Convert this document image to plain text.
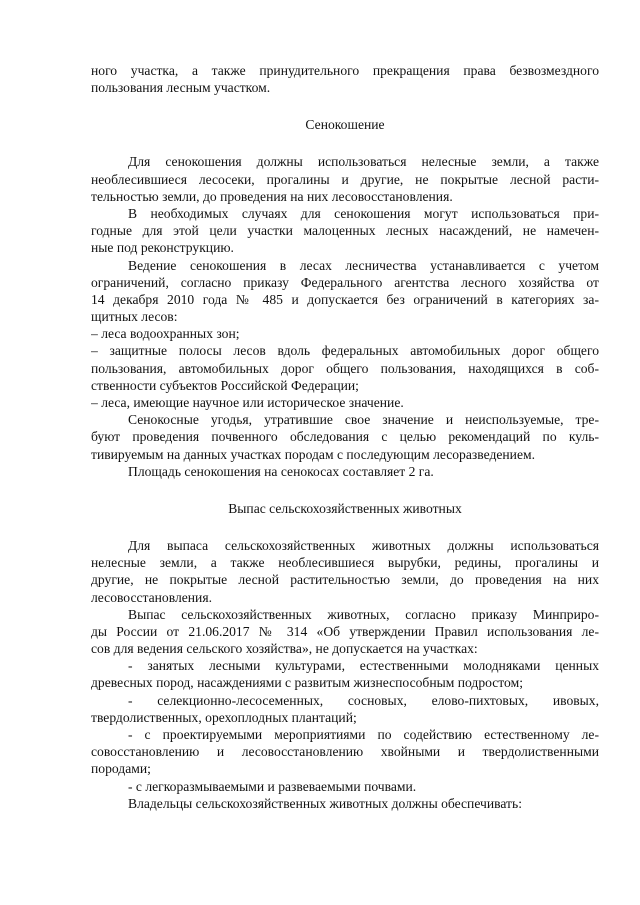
ного участка, а также принудительного прекращения права безвозмездного
пользования лесным участком.
Сенокошение
Для сенокошения должны использоваться нелесные земли, а также
необлесившиеся лесосеки, прогалины и другие, не покрытые лесной расти-
тельностью земли, до проведения на них лесовосстановления.
В необходимых случаях для сенокошения могут использоваться при-
годные для этой цели участки малоценных лесных насаждений, не намечен-
ные под реконструкцию.
Ведение сенокошения в лесах лесничества устанавливается с учетом
ограничений, согласно приказу Федерального агентства лесного хозяйства от
14 декабря 2010 года № 485 и допускается без ограничений в категориях за-
щитных лесов:
– леса водоохранных зон;
– защитные полосы лесов вдоль федеральных автомобильных дорог общего
пользования, автомобильных дорог общего пользования, находящихся в соб-
ственности субъектов Российской Федерации;
– леса, имеющие научное или историческое значение.
Сенокосные угодья, утратившие свое значение и неиспользуемые, тре-
буют проведения почвенного обследования с целью рекомендаций по куль-
тивируемым на данных участках породам с последующим лесоразведением.
Площадь сенокошения на сенокосах составляет 2 га.
Выпас сельскохозяйственных животных
Для выпаса сельскохозяйственных животных должны использоваться
нелесные земли, а также необлесившиеся вырубки, редины, прогалины и
другие, не покрытые лесной растительностью земли, до проведения на них
лесовосстановления.
Выпас сельскохозяйственных животных, согласно приказу Минприро-
ды России от 21.06.2017 № 314 «Об утверждении Правил использования ле-
сов для ведения сельского хозяйства», не допускается на участках:
- занятых лесными культурами, естественными молодняками ценных
древесных пород, насаждениями с развитым жизнеспособным подростом;
- селекционно-лесосеменных, сосновых, елово-пихтовых, ивовых,
твердолиственных, орехоплодных плантаций;
- с проектируемыми мероприятиями по содействию естественному ле-
совосстановлению и лесовосстановлению хвойными и твердолиственными
породами;
- с легкоразмываемыми и развеваемыми почвами.
Владельцы сельскохозяйственных животных должны обеспечивать:
